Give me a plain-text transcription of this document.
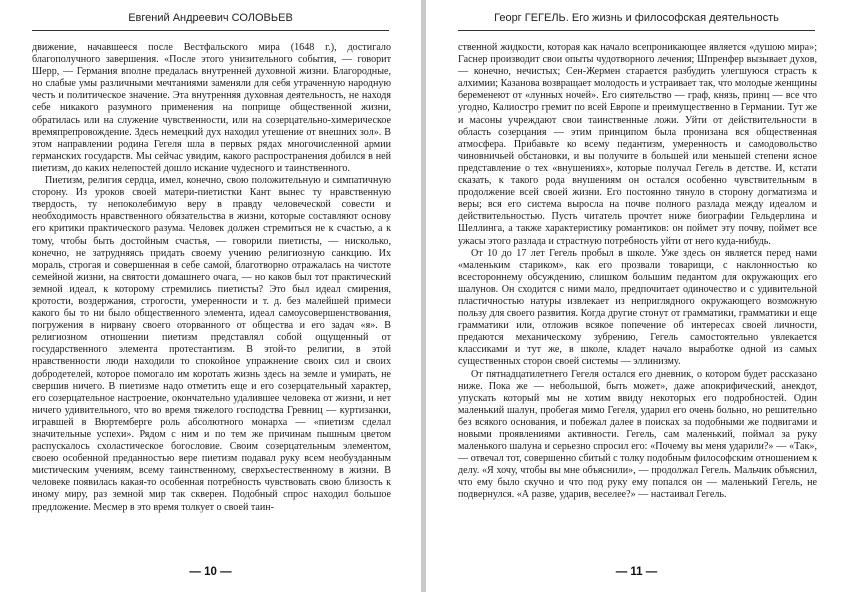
Евгений Андреевич СОЛОВЬЕВ

движение, начавшееся после Вестфальского мира (1648 г.), достигало благополучного завершения. «После этого унизительного события, — говорит Шерр, — Германия вполне предалась внутренней духовной жизни. Благородные, но слабые умы различными мечтаниями заменяли для себя утраченную народную честь и политическое значение. Эта внутренняя духовная деятельность, не находя себе никакого разумного применения на поприще общественной жизни, обратилась или на служение чувственности, или на созерцательно-химерическое времяпрепровождение. Здесь немецкий дух находил утешение от внешних зол». В этом направлении родина Гегеля шла в первых рядах многочисленной армии германских государств. Мы сейчас увидим, какого распространения добился в ней пиетизм, до каких нелепостей дошло искание чудесного и таинственного.

Пиетизм, религия сердца, имел, конечно, свою положительную и симпатичную сторону. Из уроков своей матери-пиетистки Кант вынес ту нравственную твердость, ту непоколебимую веру в правду человеческой совести и необходимость нравственного обязательства в жизни, которые составляют основу его критики практического разума. Человек должен стремиться не к счастью, а к тому, чтобы быть достойным счастья, — говорили пиетисты, — нисколько, конечно, не затрудняясь придать своему учению религиозную санкцию. Их мораль, строгая и совершенная в себе самой, благотворно отражалась на чистоте семейной жизни, на святости домашнего очага, — но каков был тот практический земной идеал, к которому стремились пиетисты? Это был идеал смирения, кротости, воздержания, строгости, умеренности и т. д. без малейшей примеси какого бы то ни было общественного элемента, идеал самоусовершенствования, погружения в нирвану своего оторванного от общества и его задач «я». В религиозном отношении пиетизм представлял собой ощущенный от государственного элемента протестантизм. В этой-то религии, в этой нравственности люди находили то спокойное упражнение своих сил и своих добродетелей, которое помогало им коротать жизнь здесь на земле и умирать, не свершив ничего. В пиетизме надо отметить еще и его созерцательный характер, его созерцательное настроение, окончательно удалившее человека от жизни, и нет ничего удивительного, что во время тяжелого господства Гревниц — куртизанки, игравшей в Вюртемберге роль абсолютного монарха — «пиетизм сделал значительные успехи». Рядом с ним и по тем же причинам пышным цветом распускалось схоластическое богословие. Своим созерцательным элементом, своею особенной преданностью вере пиетизм подавал руку всем необузданным мистическим учениям, всему таинственному, сверхъестественному в жизни. В человеке появилась какая-то особенная потребность чувствовать свою близость к иному миру, раз земной мир так скверен. Подобный спрос находил большое предложение. Месмер в это время толкует о своей таин-

— 10 —
Георг ГЕГЕЛЬ. Его жизнь и философская деятельность

ственной жидкости, которая как начало всепроникающее является «душою мира»; Гаснер производит свои опыты чудотворного лечения; Шпренфер вызывает духов, — конечно, нечистых; Сен-Жермен старается разбудить улегшуюся страсть к алхимии; Казанова возвращает молодость и устраивает так, что молодые женщины беременеют от «лунных ночей». Его сиятельство — граф, князь, принц — все что угодно, Калиостро гремит по всей Европе и преимущественно в Германии. Тут же и масоны учреждают свои таинственные ложи. Уйти от действительности в область созерцания — этим принципом была пронизана вся общественная атмосфера. Прибавьте ко всему педантизм, умеренность и самодовольство чиновничьей обстановки, и вы получите в большей или меньшей степени ясное представление о тех «внушениях», которые получал Гегель в детстве. И, кстати сказать, к такого рода внушениям он остался особенно чувствительным в продолжение всей своей жизни. Его постоянно тянуло в сторону догматизма и веры; вся его система выросла на почве полного разлада между идеалом и действительностью. Пусть читатель прочтет ниже биографии Гельдерлина и Шеллинга, а также характеристику романтиков: он поймет эту почву, поймет все ужасы этого разлада и страстную потребность уйти от него куда-нибудь.

От 10 до 17 лет Гегель пробыл в школе. Уже здесь он является перед нами «маленьким стариком», как его прозвали товарищи, с наклонностью ко всестороннему обсуждению, слишком большим педантом для окружающих его шалунов. Он сходится с ними мало, предпочитает одиночество и с удивительной пластичностью натуры извлекает из неприглядного окружающего возможную пользу для своего развития. Когда другие стонут от грамматики, грамматики и еще грамматики или, отложив всякое попечение об интересах своей личности, предаются механическому зубрению, Гегель самостоятельно увлекается классиками и тут же, в школе, кладет начало выработке одной из самых существенных сторон своей системы — эллинизму.

От пятнадцатилетнего Гегеля остался его дневник, о котором будет рассказано ниже. Пока же — небольшой, быть может», даже апокрифический, анекдот, упускать который мы не хотим ввиду некоторых его подробностей. Один маленький шалун, пробегая мимо Гегеля, ударил его очень больно, но решительно без всякого основания, и побежал далее в поисках за подобными же подвигами и новыми проявлениями активности. Гегель, сам маленький, поймал за руку маленького шалуна и серьезно спросил его: «Почему вы меня ударили?» — «Так», — отвечал тот, совершенно сбитый с толку подобным философским отношением к делу. «Я хочу, чтобы вы мне объяснили», — продолжал Гегель. Мальчик объяснил, что ему было скучно и что под руку ему попался он — маленький Гегель, не подвернулся. «А разве, ударив, веселее?» — настаивал Гегель.

— 11 —
